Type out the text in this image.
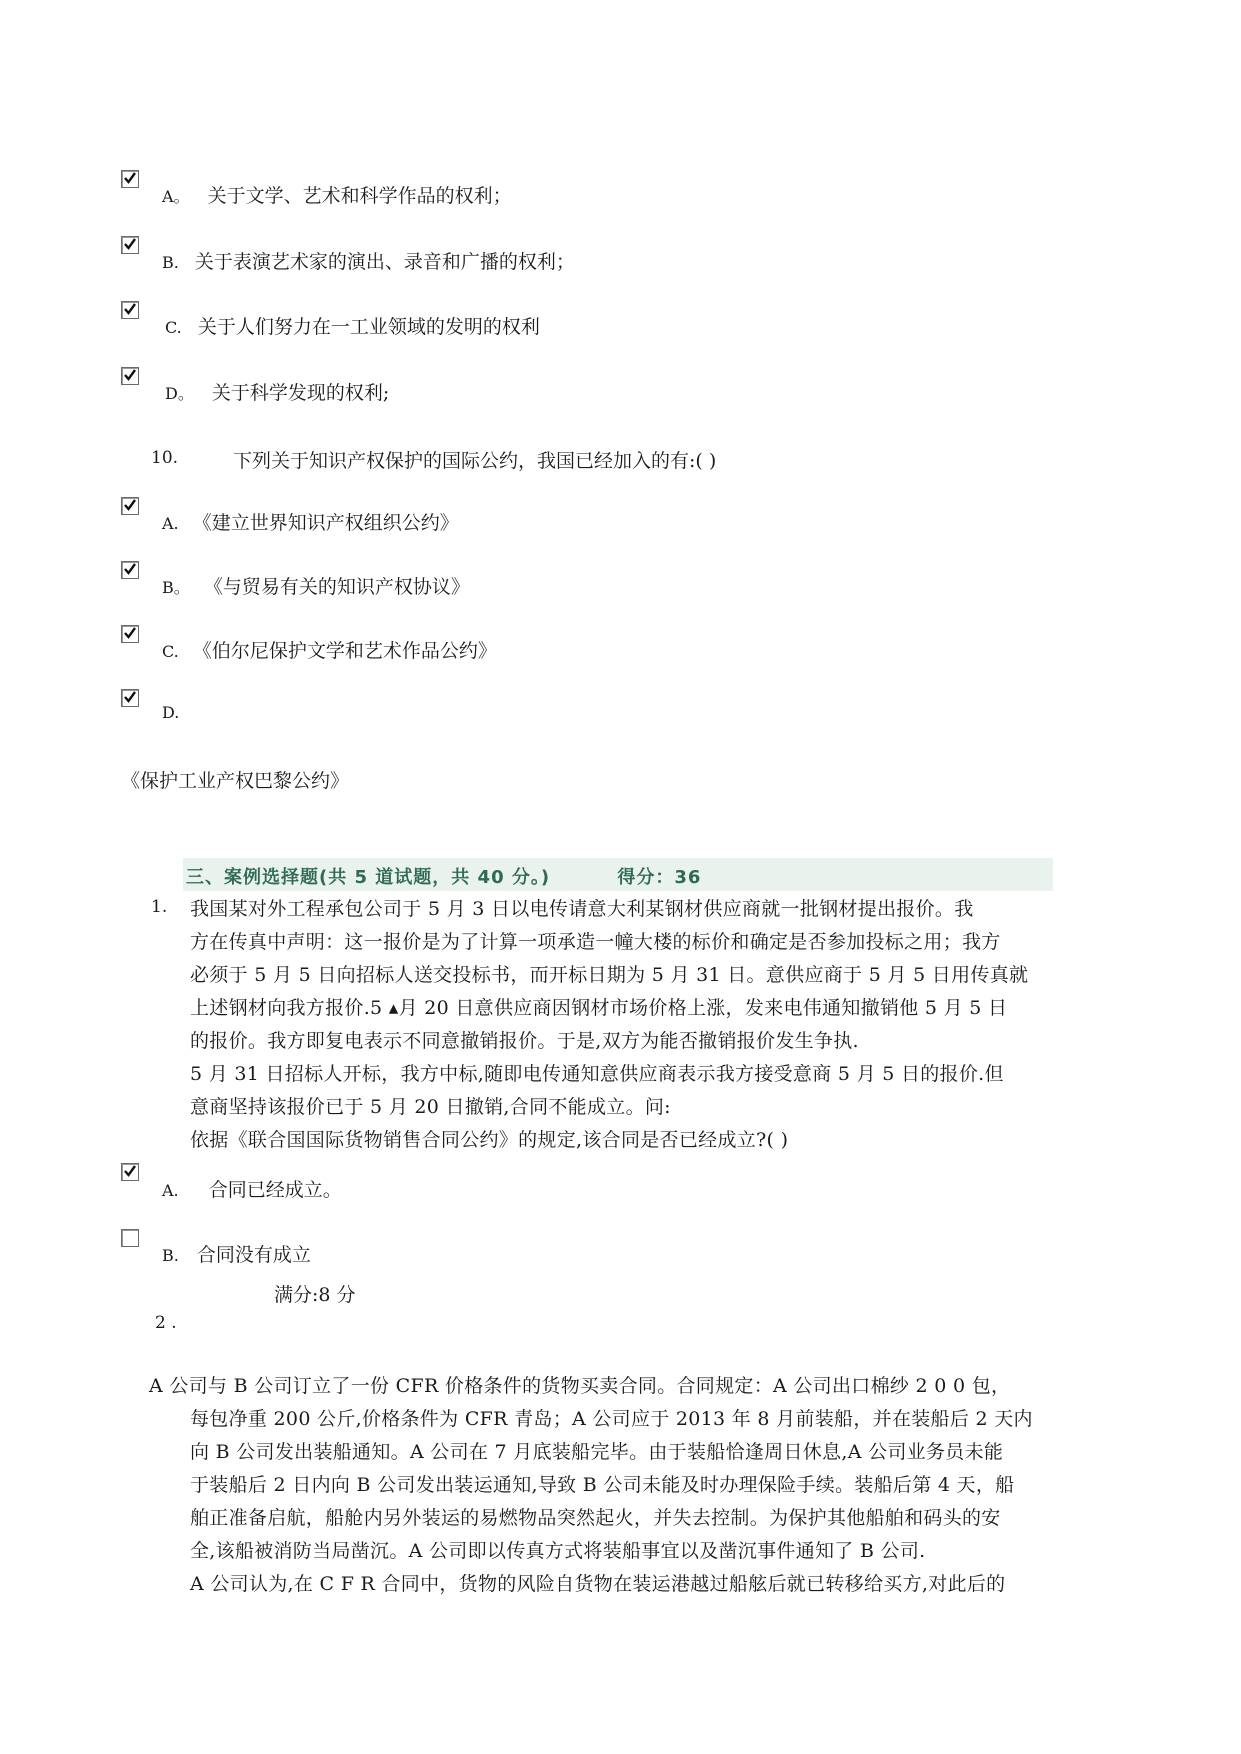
A。 关于文学、艺术和科学作品的权利；
B. 关于表演艺术家的演出、录音和广播的权利；
C. 关于人们努力在一工业领域的发明的权利
D。 关于科学发现的权利;
10.	下列关于知识产权保护的国际公约，我国已经加入的有:( )
A. 《建立世界知识产权组织公约》
B。 《与贸易有关的知识产权协议》
C. 《伯尔尼保护文学和艺术作品公约》
D.
《保护工业产权巴黎公约》
三、案例选择题(共 5 道试题，共 40 分。)	得分：36
1. 我国某对外工程承包公司于 5 月 3 日以电传请意大利某钢材供应商就一批钢材提出报价。我
方在传真中声明：这一报价是为了计算一项承造一幢大楼的标价和确定是否参加投标之用；我方
必须于 5 月 5 日向招标人送交投标书，而开标日期为 5 月 31 日。意供应商于 5 月 5 日用传真就
上述钢材向我方报价.5 ▴月 20 日意供应商因钢材市场价格上涨，发来电伟通知撤销他 5 月 5 日
的报价。我方即复电表示不同意撤销报价。于是,双方为能否撤销报价发生争执.
5 月 31 日招标人开标，我方中标,随即电传通知意供应商表示我方接受意商 5 月 5 日的报价.但
意商坚持该报价已于 5 月 20 日撤销,合同不能成立。问:
依据《联合国国际货物销售合同公约》的规定,该合同是否已经成立?( )
A. 合同已经成立。
B. 合同没有成立
满分:8 分
2 .
A 公司与 B 公司订立了一份 CFR 价格条件的货物买卖合同。合同规定：A 公司出口棉纱 2 0 0 包，
每包净重 200 公斤,价格条件为 CFR 青岛；A 公司应于 2013 年 8 月前装船，并在装船后 2 天内
向 B 公司发出装船通知。A 公司在 7 月底装船完毕。由于装船恰逢周日休息,A 公司业务员未能
于装船后 2 日内向 B 公司发出装运通知,导致 B 公司未能及时办理保险手续。装船后第 4 天，船
舶正准备启航，船舱内另外装运的易燃物品突然起火，并失去控制。为保护其他船舶和码头的安
全,该船被消防当局凿沉。A 公司即以传真方式将装船事宜以及凿沉事件通知了 B 公司.
A 公司认为,在 C F R 合同中，货物的风险自货物在装运港越过船舷后就已转移给买方,对此后的
